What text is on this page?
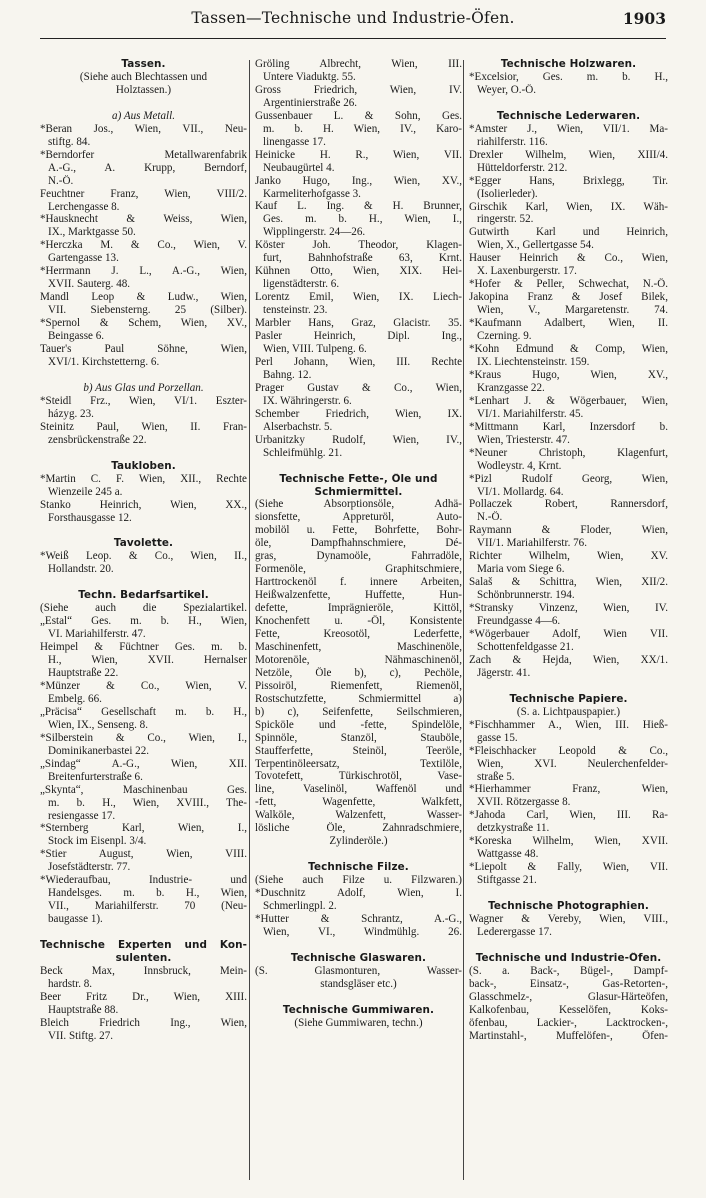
Tassen—Technische und Industrie-Öfen.	1903
Tassen.
(Siehe auch Blechtassen und
Holztassen.)
a) Aus Metall.
*Beran Jos., Wien, VII., Neu-
stiftg. 84.
*Berndorfer Metallwarenfabrik
A.-G., A. Krupp, Berndorf,
N.-Ö.
Feuchtner Franz, Wien, VIII/2.
Lerchengasse 8.
*Hausknecht & Weiss, Wien,
IX., Marktgasse 50.
*Herczka M. & Co., Wien, V.
Gartengasse 13.
*Herrmann J. L., A.-G., Wien,
XVII. Sauterg. 48.
Mandl Leop & Ludw., Wien,
VII. Siebensterng. 25 (Silber).
*Spernol & Schem, Wien, XV.,
Beingasse 6.
Tauer's Paul Söhne, Wien,
XVI/1. Kirchstetterng. 6.
b) Aus Glas und Porzellan.
*Steidl Frz., Wien, VI/1. Eszter-
házyg. 23.
Steinitz Paul, Wien, II. Fran-
zensbrückenstraße 22.
Taukloben.
*Martin C. F. Wien, XII., Rechte
Wienzeile 245 a.
Stanko Heinrich, Wien, XX.,
Forsthausgasse 12.
Tavolette.
*Weiß Leop. & Co., Wien, II.,
Hollandstr. 20.
Techn. Bedarfsartikel.
(Siehe auch die Spezialartikel.
„Estal“ Ges. m. b. H., Wien,
VI. Mariahilferstr. 47.
Heimpel & Füchtner Ges. m. b.
H., Wien, XVII. Hernalser
Hauptstraße 22.
*Münzer & Co., Wien, V.
Embelg. 66.
„Präcisa“ Gesellschaft m. b. H.,
Wien, IX., Senseng. 8.
*Silberstein & Co., Wien, I.,
Dominikanerbastei 22.
„Sindag“ A.-G., Wien, XII.
Breitenfurterstraße 6.
„Skynta“, Maschinenbau Ges.
m. b. H., Wien, XVIII., The-
resiengasse 17.
*Sternberg Karl, Wien, I.,
Stock im Eisenpl. 3/4.
*Stier August, Wien, VIII.
Josefstädterstr. 77.
*Wiederaufbau, Industrie- und
Handelsges. m. b. H., Wien,
VII., Mariahilferstr. 70 (Neu-
baugasse 1).
Technische Experten und Kon-
sulenten.
Beck Max, Innsbruck, Mein-
hardstr. 8.
Beer Fritz Dr., Wien, XIII.
Hauptstraße 88.
Bleich Friedrich Ing., Wien,
VII. Stiftg. 27.
Gröling Albrecht, Wien, III.
Untere Viaduktg. 55.
Gross Friedrich, Wien, IV.
Argentinierstraße 26.
Gussenbauer L. & Sohn, Ges.
m. b. H. Wien, IV., Karo-
linengasse 17.
Heinicke H. R., Wien, VII.
Neubaugürtel 4.
Janko Hugo, Ing., Wien, XV.,
Karmeliterhofgasse 3.
Kauf L. Ing. & H. Brunner,
Ges. m. b. H., Wien, I.,
Wipplingerstr. 24—26.
Köster Joh. Theodor, Klagen-
furt, Bahnhofstraße 63, Krnt.
Kühnen Otto, Wien, XIX. Hei-
ligenstädterstr. 6.
Lorentz Emil, Wien, IX. Liech-
tensteinstr. 23.
Marbler Hans, Graz, Glacistr. 35.
Pasler Heinrich, Dipl. Ing.,
Wien, VIII. Tulpeng. 6.
Perl Johann, Wien, III. Rechte
Bahng. 12.
Prager Gustav & Co., Wien,
IX. Währingerstr. 6.
Schember Friedrich, Wien, IX.
Alserbachstr. 5.
Urbanitzky Rudolf, Wien, IV.,
Schleifmühlg. 21.
Technische Fette-, Öle und
Schmiermittel.
(Siehe Absorptionsöle, Adhä-
sionsfette, Appreturöl, Auto-
mobilöl u. Fette, Bohrfette, Bohr-
öle, Dampfhahnschmiere, Dé-
gras, Dynamoöle, Fahrradöle,
Formenöle, Graphitschmiere,
Harttrockenöl f. innere Arbeiten,
Heißwalzenfette, Huffette, Hun-
defette, Imprägnieröle, Kittöl,
Knochenfett u. -Öl, Konsistente
Fette, Kreosotöl, Lederfette,
Maschinenfett, Maschinenöle,
Motorenöle, Nähmaschinenöl,
Netzöle, Öle b), c), Pechöle,
Pissoiröl, Riemenfett, Riemenöl,
Rostschutzfette, Schmiermittel a)
b) c), Seifenfette, Seilschmieren,
Spicköle und -fette, Spindelöle,
Spinnöle, Stanzöl, Stauböle,
Staufferfette, Steinöl, Teeröle,
Terpentinöleersatz, Textilöle,
Tovotefett, Türkischrotöl, Vase-
line, Vaselinöl, Waffenöl und
-fett, Wagenfette, Walkfett,
Walköle, Walzenfett, Wasser-
lösliche Öle, Zahnradschmiere,
Zylinderöle.)
Technische Filze.
(Siehe auch Filze u. Filzwaren.)
*Duschnitz Adolf, Wien, I.
Schmerlingpl. 2.
*Hutter & Schrantz, A.-G.,
Wien, VI., Windmühlg. 26.
Technische Glaswaren.
(S. Glasmonturen, Wasser-
standsgläser etc.)
Technische Gummiwaren.
(Siehe Gummiwaren, techn.)
Technische Holzwaren.
*Excelsior, Ges. m. b. H.,
Weyer, O.-Ö.
Technische Lederwaren.
*Amster J., Wien, VII/1. Ma-
riahilferstr. 116.
Drexler Wilhelm, Wien, XIII/4.
Hütteldorferstr. 212.
*Egger Hans, Brixlegg, Tir.
(Isolierleder).
Girschik Karl, Wien, IX. Wäh-
ringerstr. 52.
Gutwirth Karl und Heinrich,
Wien, X., Gellertgasse 54.
Hauser Heinrich & Co., Wien,
X. Laxenburgerstr. 17.
*Hofer & Peller, Schwechat, N.-Ö.
Jakopina Franz & Josef Bilek,
Wien, V., Margaretenstr. 74.
*Kaufmann Adalbert, Wien, II.
Czerning. 9.
*Kohn Edmund & Comp, Wien,
IX. Liechtensteinstr. 159.
*Kraus Hugo, Wien, XV.,
Kranzgasse 22.
*Lenhart J. & Wögerbauer, Wien,
VI/1. Mariahilferstr. 45.
*Mittmann Karl, Inzersdorf b.
Wien, Triesterstr. 47.
*Neuner Christoph, Klagenfurt,
Wodleystr. 4, Krnt.
*Pizl Rudolf Georg, Wien,
VI/1. Mollardg. 64.
Pollaczek Robert, Rannersdorf,
N.-Ö.
Raymann & Floder, Wien,
VII/1. Mariahilferstr. 76.
Richter Wilhelm, Wien, XV.
Maria vom Siege 6.
Salaš & Schittra, Wien, XII/2.
Schönbrunnerstr. 194.
*Stransky Vinzenz, Wien, IV.
Freundgasse 4—6.
*Wögerbauer Adolf, Wien VII.
Schottenfeldgasse 21.
Zach & Hejda, Wien, XX/1.
Jägerstr. 41.
Technische Papiere.
(S. a. Lichtpauspapier.)
*Fischhammer A., Wien, III. Hieß-
gasse 15.
*Fleischhacker Leopold & Co.,
Wien, XVI. Neulerchenfelder-
straße 5.
*Hierhammer Franz, Wien,
XVII. Rötzergasse 8.
*Jahoda Carl, Wien, III. Ra-
detzkystraße 11.
*Koreska Wilhelm, Wien, XVII.
Wattgasse 48.
*Liepolt & Fally, Wien, VII.
Stiftgasse 21.
Technische Photographien.
Wagner & Vereby, Wien, VIII.,
Lederergasse 17.
Technische und Industrie-Öfen.
(S. a. Back-, Bügel-, Dampf-
back-, Einsatz-, Gas-Retorten-,
Glasschmelz-, Glasur-Härteöfen,
Kalkofenbau, Kesselöfen, Koks-
öfenbau, Lackier-, Lacktrocken-,
Martinstahl-, Muffelöfen-, Öfen-
